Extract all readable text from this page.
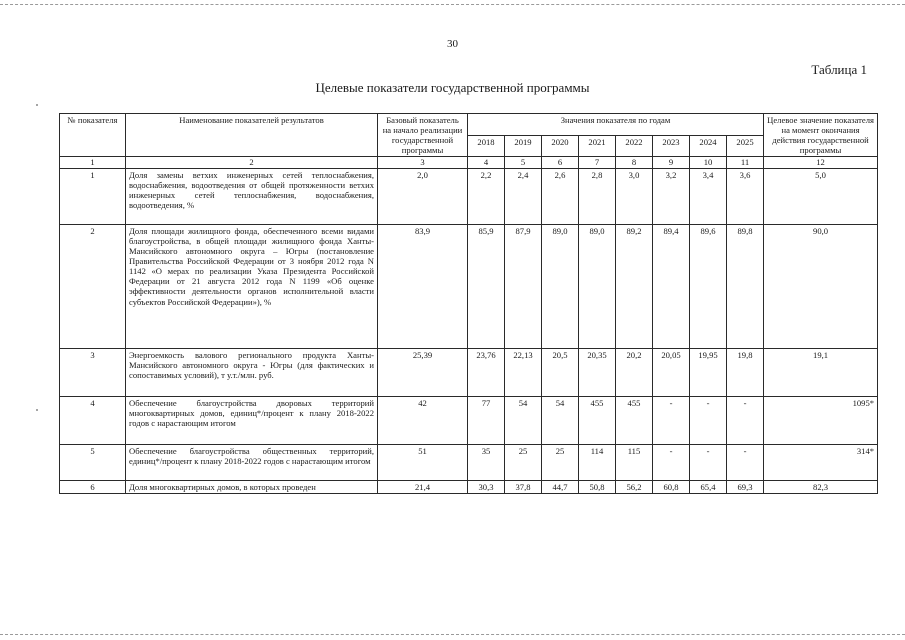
30
Таблица 1
Целевые показатели государственной программы
№ показателя	Наименование показателей результатов	Базовый показатель на начало реализации государственной программы	Значения показателя по годам								Целевое значение показателя на момент окончания действия государственной программы
			2018	2019	2020	2021	2022	2023	2024	2025	
1	2	3	4	5	6	7	8	9	10	11	12
1	Доля замены ветхих инженерных сетей теплоснабжения, водоснабжения, водоотведения от общей протяженности ветхих инженерных сетей теплоснабжения, водоснабжения, водоотведения, %	2,0	2,2	2,4	2,6	2,8	3,0	3,2	3,4	3,6	5,0
2	Доля площади жилищного фонда, обеспеченного всеми видами благоустройства, в общей площади жилищного фонда Ханты-Мансийского автономного округа – Югры (постановление Правительства Российской Федерации от 3 ноября 2012 года N 1142 «О мерах по реализации Указа Президента Российской Федерации от 21 августа 2012 года N 1199 «Об оценке эффективности деятельности органов исполнительной власти субъектов Российской Федерации»), %	83,9	85,9	87,9	89,0	89,0	89,2	89,4	89,6	89,8	90,0
3	Энергоемкость валового регионального продукта Ханты-Мансийского автономного округа - Югры (для фактических и сопоставимых условий), т у.т./млн. руб.	25,39	23,76	22,13	20,5	20,35	20,2	20,05	19,95	19,8	19,1
4	Обеспечение благоустройства дворовых территорий многоквартирных домов, единиц*/процент к плану 2018-2022 годов с нарастающим итогом	42	77	54	54	455	455	-	-	-	1095*
5	Обеспечение благоустройства общественных территорий, единиц*/процент к плану 2018-2022 годов с нарастающим итогом	51	35	25	25	114	115	-	-	-	314*
6	Доля многоквартирных домов, в которых проведен	21,4	30,3	37,8	44,7	50,8	56,2	60,8	65,4	69,3	82,3
